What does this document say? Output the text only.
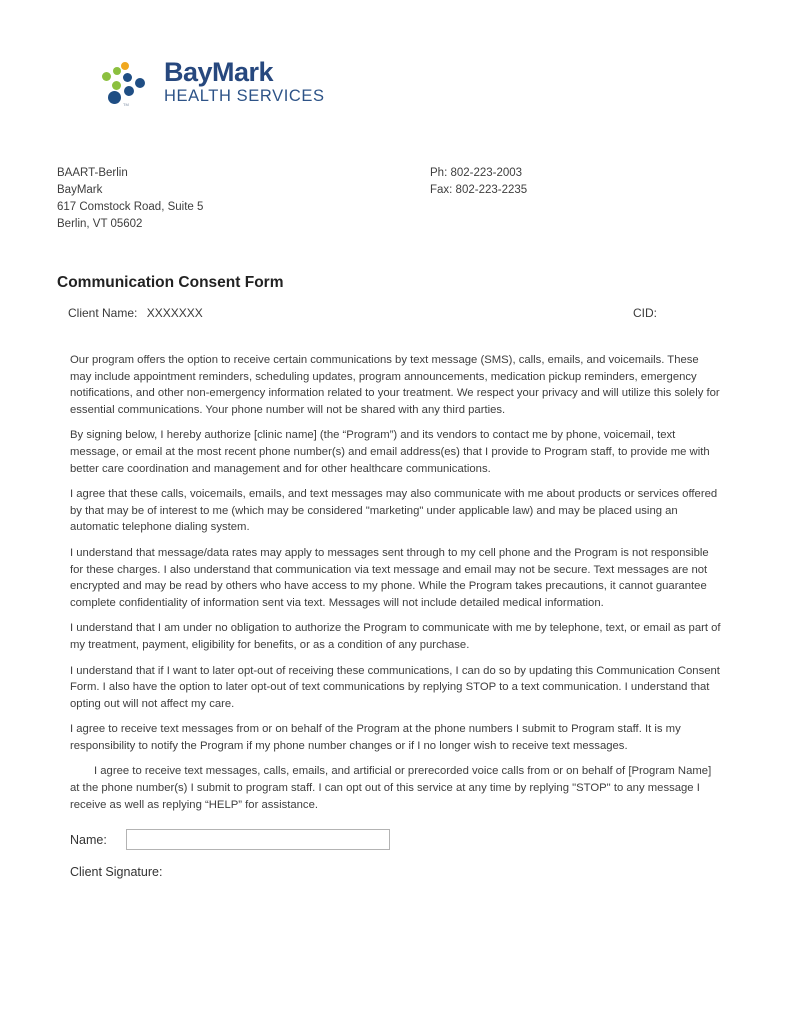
TM
BayMark
HEALTH SERVICES
BAART-Berlin
BayMark
617 Comstock Road, Suite 5
Berlin, VT 05602
Ph: 802-223-2003
Fax: 802-223-2235
Communication Consent Form
Client Name: XXXXXXX	CID:

Our program offers the option to receive certain communications by text message (SMS), calls, emails, and voicemails. These may include appointment reminders, scheduling updates, program announcements, medication pickup reminders, emergency notifications, and other non-emergency information related to your treatment. We respect your privacy and will utilize this solely for essential communications. Your phone number will not be shared with any third parties.

By signing below, I hereby authorize [clinic name] (the “Program”) and its vendors to contact me by phone, voicemail, text message, or email at the most recent phone number(s) and email address(es) that I provide to Program staff, to provide me with better care coordination and management and for other healthcare communications.

I agree that these calls, voicemails, emails, and text messages may also communicate with me about products or services offered by that may be of interest to me (which may be considered "marketing" under applicable law) and may be placed using an automatic telephone dialing system.

I understand that message/data rates may apply to messages sent through to my cell phone and the Program is not responsible for these charges. I also understand that communication via text message and email may not be secure. Text messages are not encrypted and may be read by others who have access to my phone. While the Program takes precautions, it cannot guarantee complete confidentiality of information sent via text. Messages will not include detailed medical information.

I understand that I am under no obligation to authorize the Program to communicate with me by telephone, text, or email as part of my treatment, payment, eligibility for benefits, or as a condition of any purchase.

I understand that if I want to later opt-out of receiving these communications, I can do so by updating this Communication Consent Form. I also have the option to later opt-out of text communications by replying STOP to a text communication. I understand that opting out will not affect my care.

I agree to receive text messages from or on behalf of the Program at the phone numbers I submit to Program staff. It is my responsibility to notify the Program if my phone number changes or if I no longer wish to receive text messages.

I agree to receive text messages, calls, emails, and artificial or prerecorded voice calls from or on behalf of [Program Name] at the phone number(s) I submit to program staff. I can opt out of this service at any time by replying "STOP" to any message I receive as well as replying “HELP” for assistance.

Name:
Client Signature:
